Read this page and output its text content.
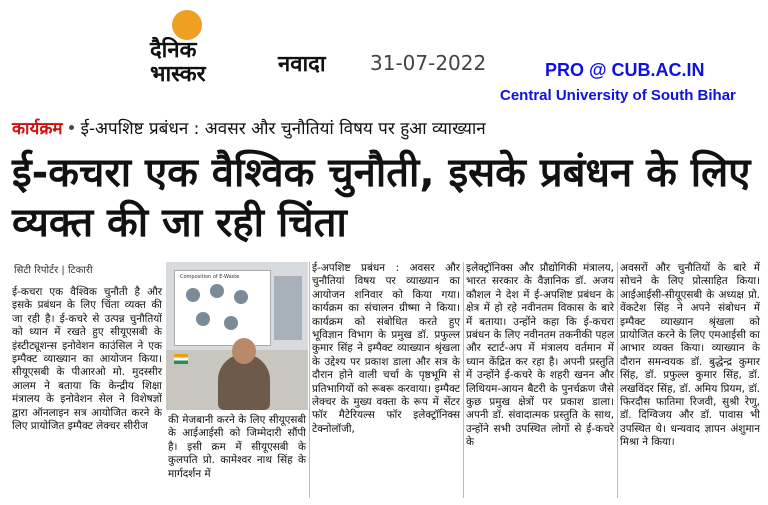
दैनिक
भास्कर	नवादा 31-07-2022	PRO @ CUB.AC.IN
Central University of South Bihar
कार्यक्रम • ई-अपशिष्ट प्रबंधन : अवसर और चुनौतियां विषय पर हुआ व्याख्यान
ई-कचरा एक वैश्विक चुनौती, इसके प्रबंधन के लिए व्यक्त की जा रही चिंता
सिटी रिपोर्टर | टिकारी
Composition of E-Waste
ई-कचरा एक वैश्विक चुनौती है और इसके प्रबंधन के लिए चिंता व्यक्त की जा रही है। ई-कचरे से उत्पन्न चुनौतियों को ध्यान में रखते हुए सीयूएसबी के इंस्टीट्यूशन्स इनोवेशन काउंसिल ने एक इम्पैक्ट व्याख्यान का आयोजन किया। सीयूएसबी के पीआरओ मो. मुदस्सीर आलम ने बताया कि केन्द्रीय शिक्षा मंत्रालय के इनोवेशन सेल ने विशेषज्ञों द्वारा ऑनलाइन सत्र आयोजित करने के लिए प्रायोजित इम्पैक्ट लेक्चर सीरीज
की मेजबानी करने के लिए सीयूएसबी के आईआईसी को जिम्मेदारी सौंपी है। इसी क्रम में सीयूएसबी के कुलपति प्रो. कामेश्वर नाथ सिंह के मार्गदर्शन में
ई-अपशिष्ट प्रबंधन : अवसर और चुनौतियां विषय पर व्याख्यान का आयोजन शनिवार को किया गया। कार्यक्रम का संचालन ग्रीष्मा ने किया। कार्यक्रम को संबोधित करते हुए भूविज्ञान विभाग के प्रमुख डॉ. प्रफुल्ल कुमार सिंह ने इम्पैक्ट व्याख्यान श्रृंखला के उद्देश्य पर प्रकाश डाला और सत्र के दौरान होने वाली चर्चा के पृष्ठभूमि से प्रतिभागियों को रूबरू करवाया। इम्पैक्ट लेक्चर के मुख्य वक्ता के रूप में सेंटर फॉर मैटेरियल्स फॉर इलेक्ट्रॉनिक्स टेक्नोलॉजी,
इलेक्ट्रॉनिक्स और प्रौद्योगिकी मंत्रालय, भारत सरकार के वैज्ञानिक डॉ. अजय कौशल ने देश में ई-अपशिष्ट प्रबंधन के क्षेत्र में हो रहे नवीनतम विकास के बारे में बताया। उन्होंने कहा कि ई-कचरा प्रबंधन के लिए नवीनतम तकनीकी पहल और स्टार्ट-अप में मंत्रालय वर्तमान में ध्यान केंद्रित कर रहा है। अपनी प्रस्तुति में उन्होंने ई-कचरे के शहरी खनन और लिथियम-आयन बैटरी के पुनर्चक्रण जैसे कुछ प्रमुख क्षेत्रों पर प्रकाश डाला। अपनी डॉ. संवादात्मक प्रस्तुति के साथ, उन्होंने सभी उपस्थित लोगों से ई-कचरे के
अवसरों और चुनौतियों के बारे में सोचने के लिए प्रोत्साहित किया। आईआईसी-सीयूएसबी के अध्यक्ष प्रो. वेंकटेश सिंह ने अपने संबोधन में इम्पैक्ट व्याख्यान श्रृंखला को प्रायोजित करने के लिए एमआईसी का आभार व्यक्त किया। व्याख्यान के दौरान समन्वयक डॉ. बुद्धेन्द्र कुमार सिंह, डॉ. प्रफुल्ल कुमार सिंह, डॉ. लखविंदर सिंह, डॉ. अमिय प्रियम, डॉ. फिरदौस फातिमा रिजवी, सुश्री रेणु, डॉ. दिग्विजय और डॉ. पावास भी उपस्थित थे। धन्यवाद ज्ञापन अंशुमान मिश्रा ने किया।
